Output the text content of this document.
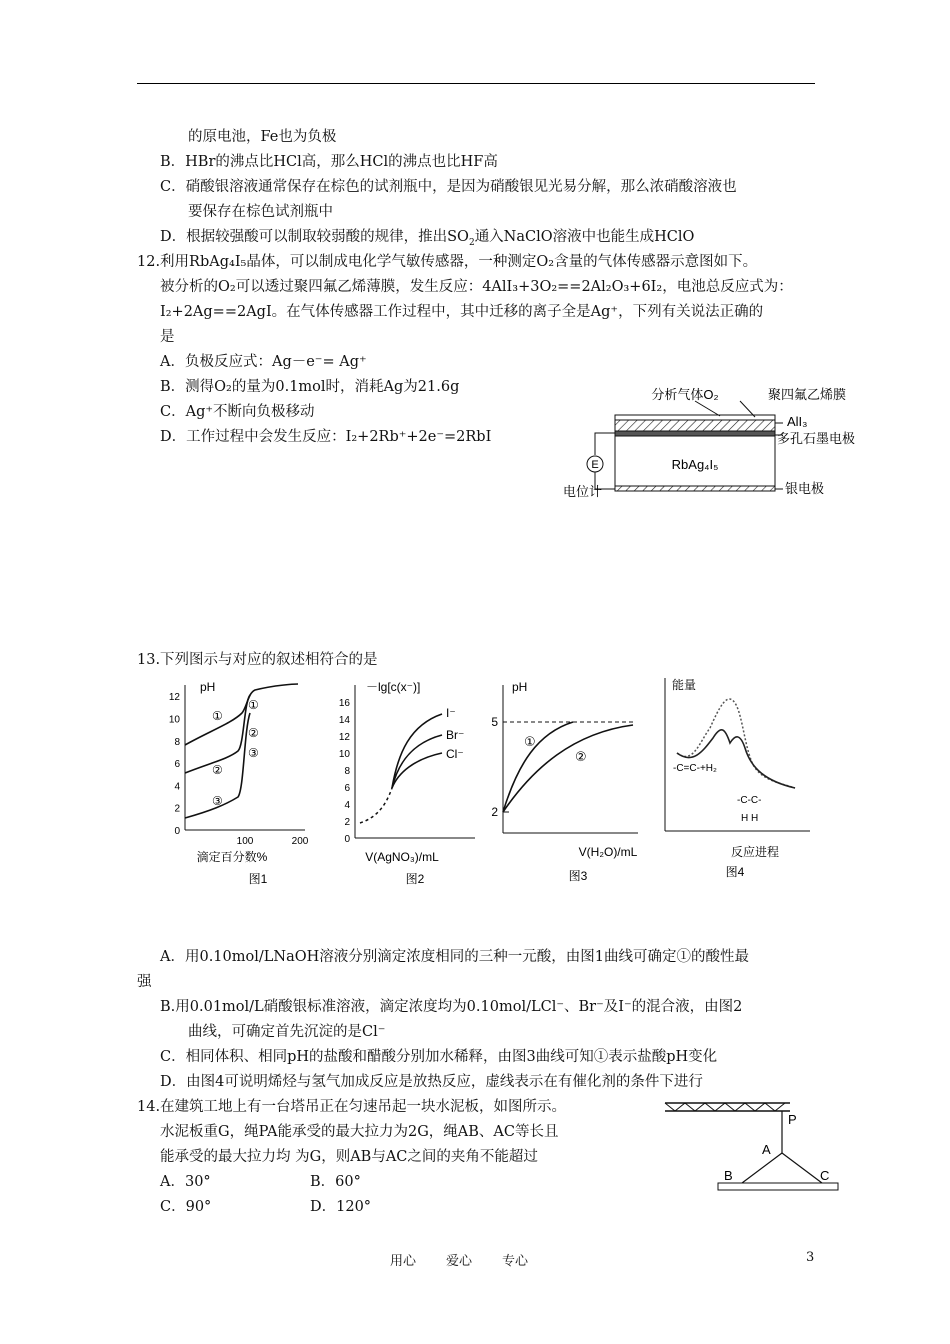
的原电池，Fe也为负极
B．HBr的沸点比HCl高，那么HCl的沸点也比HF高
C．硝酸银溶液通常保存在棕色的试剂瓶中，是因为硝酸银见光易分解，那么浓硝酸溶液也
要保存在棕色试剂瓶中
D．根据较强酸可以制取较弱酸的规律，推出$SO_2$通入NaClO溶液中也能生成HClO
12.利用RbAg₄I₅晶体，可以制成电化学气敏传感器，一种测定O₂含量的气体传感器示意图如下。
被分析的O₂可以透过聚四氟乙烯薄膜，发生反应：4AlI₃+3O₂==2Al₂O₃+6I₂，电池总反应式为：
I₂+2Ag==2AgI。在气体传感器工作过程中，其中迁移的离子全是Ag⁺，下列有关说法正确的
是
A．负极反应式：Ag－e⁻= Ag⁺
B．测得O₂的量为0.1mol时，消耗Ag为21.6g
C．Ag⁺不断向负极移动
D．工作过程中会发生反应：I₂+2Rb⁺+2e⁻=2RbI
E
分析气体O₂	聚四氟乙烯膜
AlI₃
多孔石墨电极
RbAg₄I₅
电位计	银电极
13.下列图示与对应的叙述相符合的是
pH
0
2
4
6
8
10
12
100	200
①
①
②
②
③
③
滴定百分数%
图1
－lg[c(x⁻)]
0
2
4
6
8
10
12
14
16
I⁻
Br⁻
Cl⁻
V(AgNO₃)/mL
图2
pH
5
2
①
②
V(H₂O)/mL
图3
能量
-C=C-+H₂
-C-C-
H H
反应进程
图4
A．用0.10mol/LNaOH溶液分别滴定浓度相同的三种一元酸，由图1曲线可确定①的酸性最
强
B.用0.01mol/L硝酸银标准溶液，滴定浓度均为0.10mol/LCl⁻、Br⁻及I⁻的混合液，由图2
曲线，可确定首先沉淀的是Cl⁻
C．相同体积、相同pH的盐酸和醋酸分别加水稀释，由图3曲线可知①表示盐酸pH变化
D．由图4可说明烯烃与氢气加成反应是放热反应，虚线表示在有催化剂的条件下进行
14.在建筑工地上有一台塔吊正在匀速吊起一块水泥板，如图所示。
水泥板重G，绳PA能承受的最大拉力为2G，绳AB、AC等长且
能承受的最大拉力均 为G，则AB与AC之间的夹角不能超过
A．30°	B．60°
C．90°	D．120°
P
A
B	C
用心 爱心 专心	3
